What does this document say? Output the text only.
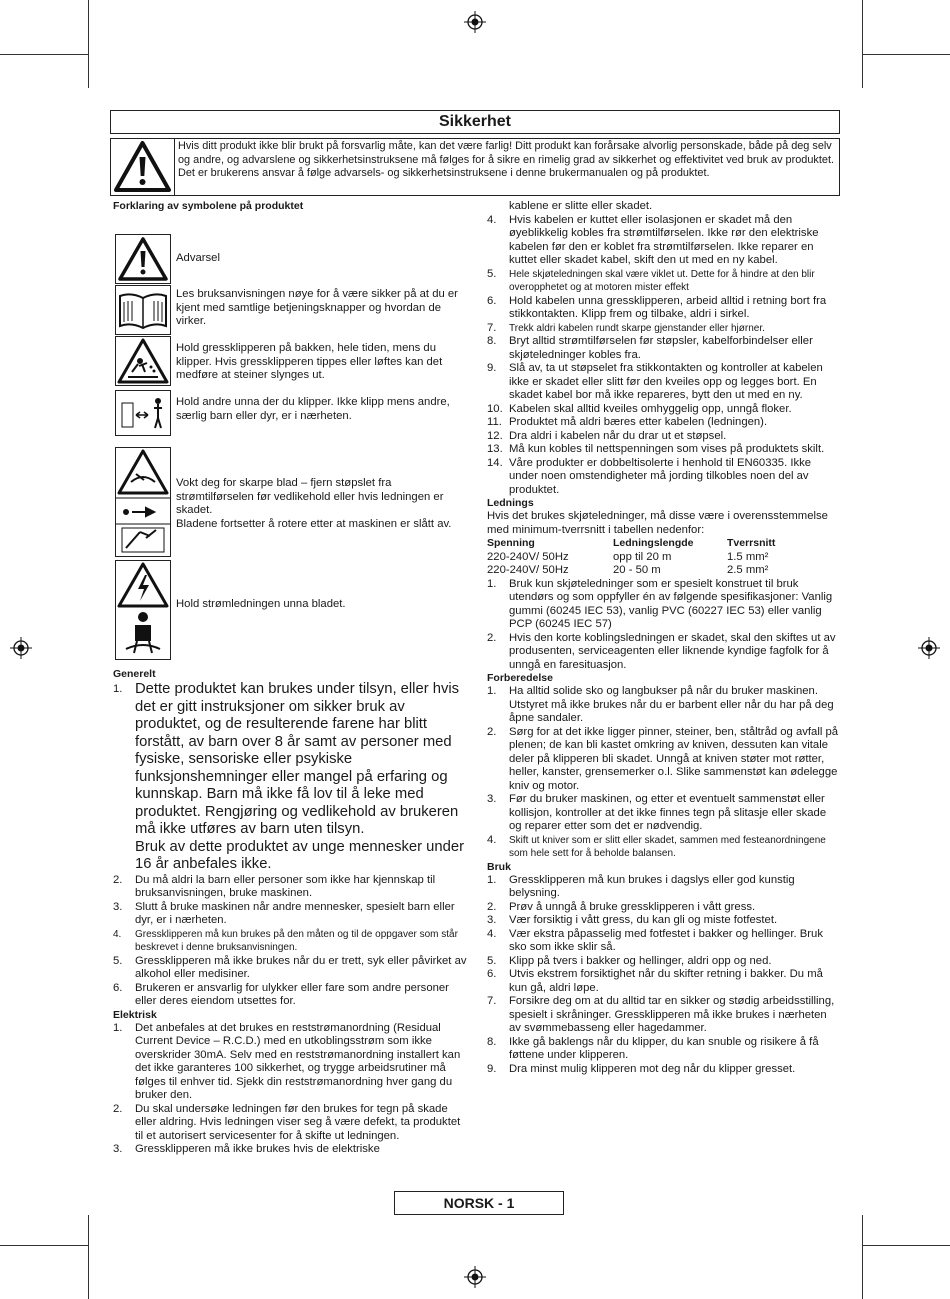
Sikkerhet
Hvis ditt produkt ikke blir brukt på forsvarlig måte, kan det være farlig! Ditt produkt kan forårsake alvorlig personskade, både på deg selv og andre, og advarslene og sikkerhetsinstruksene må følges for å sikre en rimelig grad av sikkerhet og effektivitet ved bruk av produktet. Det er brukerens ansvar å følge advarsels- og sikkerhetsinstruksene i denne brukermanualen og på produktet.
Forklaring av symbolene på produktet
Advarsel
Les bruksanvisningen nøye for å være sikker på at du er kjent med samtlige betjeningsknapper og hvordan de virker.
Hold gressklipperen på bakken, hele tiden, mens du klipper. Hvis gressklipperen tippes eller løftes kan det medføre at steiner slynges ut.
Hold andre unna der du klipper. Ikke klipp mens andre, særlig barn eller dyr, er i nærheten.
Vokt deg for skarpe blad – fjern støpslet fra strømtilførselen før vedlikehold eller hvis ledningen er skadet.
Bladene fortsetter å rotere etter at maskinen er slått av.
Hold strømledningen unna bladet.
Generelt
1. Dette produktet kan brukes under tilsyn, eller hvis det er gitt instruksjoner om sikker bruk av produktet, og de resulterende farene har blitt forstått, av barn over 8 år samt av personer med fysiske, sensoriske eller psykiske funksjonshemninger eller mangel på erfaring og kunnskap. Barn må ikke få lov til å leke med produktet. Rengjøring og vedlikehold av brukeren må ikke utføres av barn uten tilsyn.
Bruk av dette produktet av unge mennesker under 16 år anbefales ikke.
2. Du må aldri la barn eller personer som ikke har kjennskap til bruksanvisningen, bruke maskinen.
3. Slutt å bruke maskinen når andre mennesker, spesielt barn eller dyr, er i nærheten.
4. Gressklipperen må kun brukes på den måten og til de oppgaver som står beskrevet i denne bruksanvisningen.
5. Gressklipperen må ikke brukes når du er trett, syk eller påvirket av alkohol eller medisiner.
6. Brukeren er ansvarlig for ulykker eller fare som andre personer eller deres eiendom utsettes for.
Elektrisk
1. Det anbefales at det brukes en reststrømanordning (Residual Current Device – R.C.D.) med en utkoblingsstrøm som ikke overskrider 30mA. Selv med en reststrømanordning installert kan det ikke garanteres 100 sikkerhet, og trygge arbeidsrutiner må følges til enhver tid. Sjekk din reststrømanordning hver gang du bruker den.
2. Du skal undersøke ledningen før den brukes for tegn på skade eller aldring. Hvis ledningen viser seg å være defekt, ta produktet til et autorisert servicesenter for å skifte ut ledningen.
3. Gressklipperen må ikke brukes hvis de elektriske
kablene er slitte eller skadet.
4. Hvis kabelen er kuttet eller isolasjonen er skadet må den øyeblikkelig kobles fra strømtilførselen. Ikke rør den elektriske kabelen før den er koblet fra strømtilførselen. Ikke reparer en kuttet eller skadet kabel, skift den ut med en ny kabel.
5. Hele skjøteledningen skal være viklet ut. Dette for å hindre at den blir overopphetet og at motoren mister effekt
6. Hold kabelen unna gressklipperen, arbeid alltid i retning bort fra stikkontakten. Klipp frem og tilbake, aldri i sirkel.
7. Trekk aldri kabelen rundt skarpe gjenstander eller hjørner.
8. Bryt alltid strømtilførselen før støpsler, kabelforbindelser eller skjøteledninger kobles fra.
9. Slå av, ta ut støpselet fra stikkontakten og kontroller at kabelen ikke er skadet eller slitt før den kveiles opp og legges bort. En skadet kabel bor må ikke repareres, bytt den ut med en ny.
10. Kabelen skal alltid kveiles omhyggelig opp, unngå floker.
11. Produktet må aldri bæres etter kabelen (ledningen).
12. Dra aldri i kabelen når du drar ut et støpsel.
13. Må kun kobles til nettspenningen som vises på produktets skilt.
14. Våre produkter er dobbeltisolerte i henhold til EN60335. Ikke under noen omstendigheter må jording tilkobles noen del av produktet.
Lednings
Hvis det brukes skjøteledninger, må disse være i overensstemmelse med minimum-tverrsnitt i tabellen nedenfor:
Spenning	Ledningslengde	Tverrsnitt
220-240V/ 50Hz	opp til 20 m	1.5 mm²
220-240V/ 50Hz	20 - 50 m	2.5 mm²
1. Bruk kun skjøteledninger som er spesielt konstruet til bruk utendørs og som oppfyller én av følgende spesifikasjoner: Vanlig gummi (60245 IEC 53), vanlig PVC (60227 IEC 53) eller vanlig PCP (60245 IEC 57)
2. Hvis den korte koblingsledningen er skadet, skal den skiftes ut av produsenten, serviceagenten eller liknende kyndige fagfolk for å unngå en faresituasjon.
Forberedelse
1. Ha alltid solide sko og langbukser på når du bruker maskinen. Utstyret må ikke brukes når du er barbent eller når du har på deg åpne sandaler.
2. Sørg for at det ikke ligger pinner, steiner, ben, ståltråd og avfall på plenen; de kan bli kastet omkring av kniven, dessuten kan vitale deler på klipperen bli skadet. Unngå at kniven støter mot røtter, heller, kanster, grensemerker o.l. Slike sammenstøt kan ødelegge kniv og motor.
3. Før du bruker maskinen, og etter et eventuelt sammenstøt eller kollisjon, kontroller at det ikke finnes tegn på slitasje eller skade og reparer etter som det er nødvendig.
4. Skift ut kniver som er slitt eller skadet, sammen med festeanordningene som hele sett for å beholde balansen.
Bruk
1. Gressklipperen må kun brukes i dagslys eller god kunstig belysning.
2. Prøv å unngå å bruke gressklipperen i vått gress.
3. Vær forsiktig i vått gress, du kan gli og miste fotfestet.
4. Vær ekstra påpasselig med fotfestet i bakker og hellinger. Bruk sko som ikke sklir så.
5. Klipp på tvers i bakker og hellinger, aldri opp og ned.
6. Utvis ekstrem forsiktighet når du skifter retning i bakker. Du må kun gå, aldri løpe.
7. Forsikre deg om at du alltid tar en sikker og stødig arbeidsstilling, spesielt i skråninger. Gressklipperen må ikke brukes i nærheten av svømmebasseng eller hagedammer.
8. Ikke gå baklengs når du klipper, du kan snuble og risikere å få føttene under klipperen.
9. Dra minst mulig klipperen mot deg når du klipper gresset.
NORSK - 1
